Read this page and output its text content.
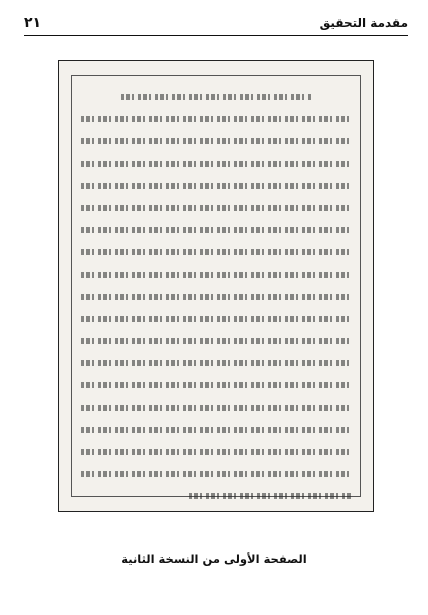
٢١	مقدمة التحقيق
الصفحة الأولى من النسخة الثانية
